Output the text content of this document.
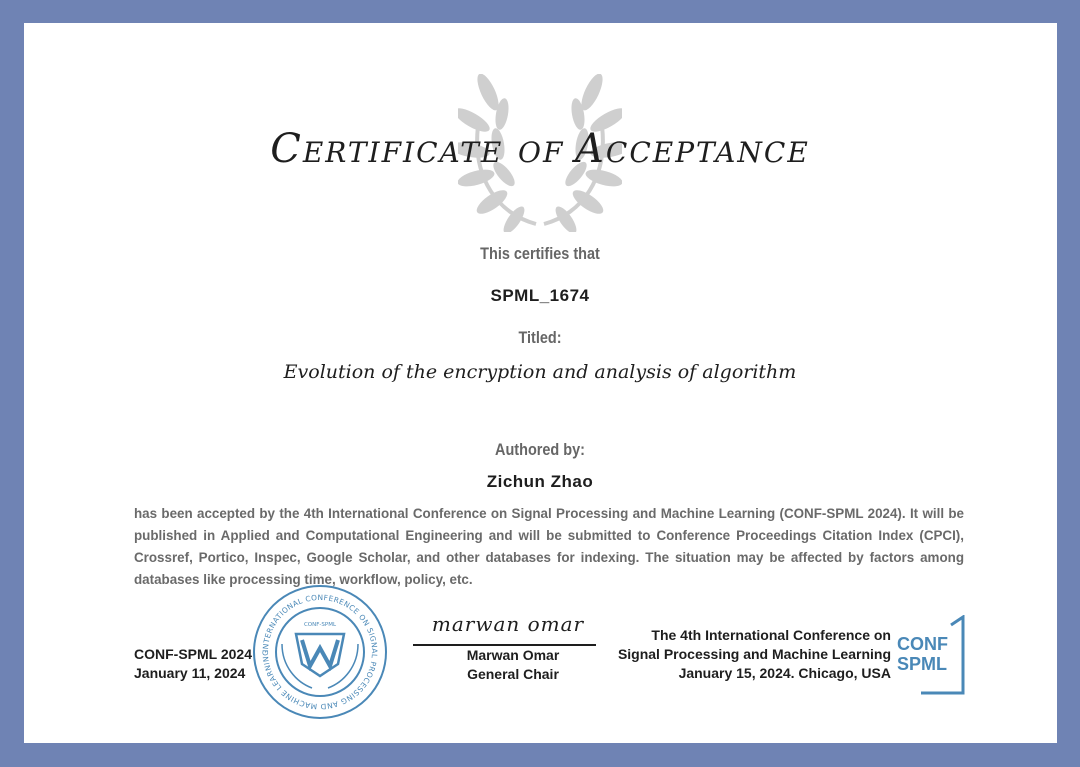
Certificate of Acceptance
This certifies that
SPML_1674
Titled:
Evolution of the encryption and analysis of algorithm
Authored by:
Zichun Zhao
has been accepted by the 4th International Conference on Signal Processing and Machine Learning (CONF-SPML 2024). It will be published in Applied and Computational Engineering and will be submitted to Conference Proceedings Citation Index (CPCI), Crossref, Portico, Inspec, Google Scholar, and other databases for indexing. The situation may be affected by factors among databases like processing time, workflow, policy, etc.
CONF-SPML 2024
January 11, 2024
INTERNATIONAL CONFERENCE ON SIGNAL PROCESSING AND MACHINE LEARNING
CONF-SPML	marwan omar
Marwan Omar
General Chair
The 4th International Conference on
Signal Processing and Machine Learning
January 15, 2024. Chicago, USA
CONF
SPML
